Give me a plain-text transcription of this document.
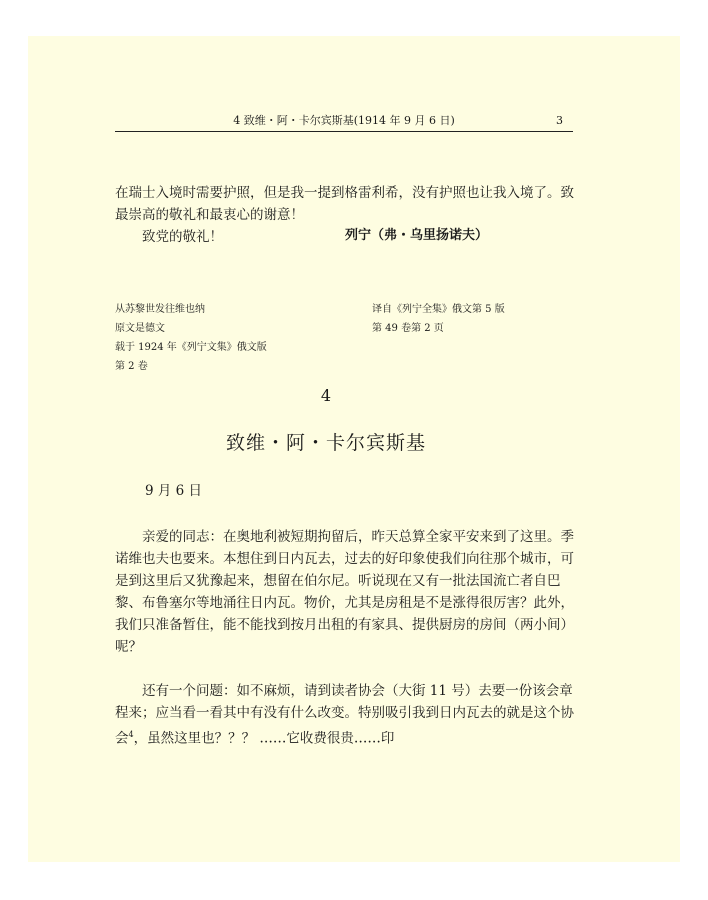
4 致维・阿・卡尔宾斯基(1914 年 9 月 6 日)	3

在瑞士入境时需要护照，但是我一提到格雷利希，没有护照也让我入境了。致最崇高的敬礼和最衷心的谢意！

致党的敬礼！	列宁（弗・乌里扬诺夫）
从苏黎世发往维也纳
原文是德文
载于 1924 年《列宁文集》俄文版
第 2 卷
译自《列宁全集》俄文第 5 版
第 49 卷第 2 页
4
致维・阿・卡尔宾斯基
9 月 6 日

亲爱的同志：在奥地利被短期拘留后，昨天总算全家平安来到了这里。季诺维也夫也要来。本想住到日内瓦去，过去的好印象使我们向往那个城市，可是到这里后又犹豫起来，想留在伯尔尼。听说现在又有一批法国流亡者自巴黎、布鲁塞尔等地涌往日内瓦。物价，尤其是房租是不是涨得很厉害？此外，我们只准备暂住，能不能找到按月出租的有家具、提供厨房的房间（两小间）呢？

还有一个问题：如不麻烦，请到读者协会（大街 11 号）去要一份该会章程来；应当看一看其中有没有什么改变。特别吸引我到日内瓦去的就是这个协会$^4$，虽然这里也？？？ ……它收费很贵……印
